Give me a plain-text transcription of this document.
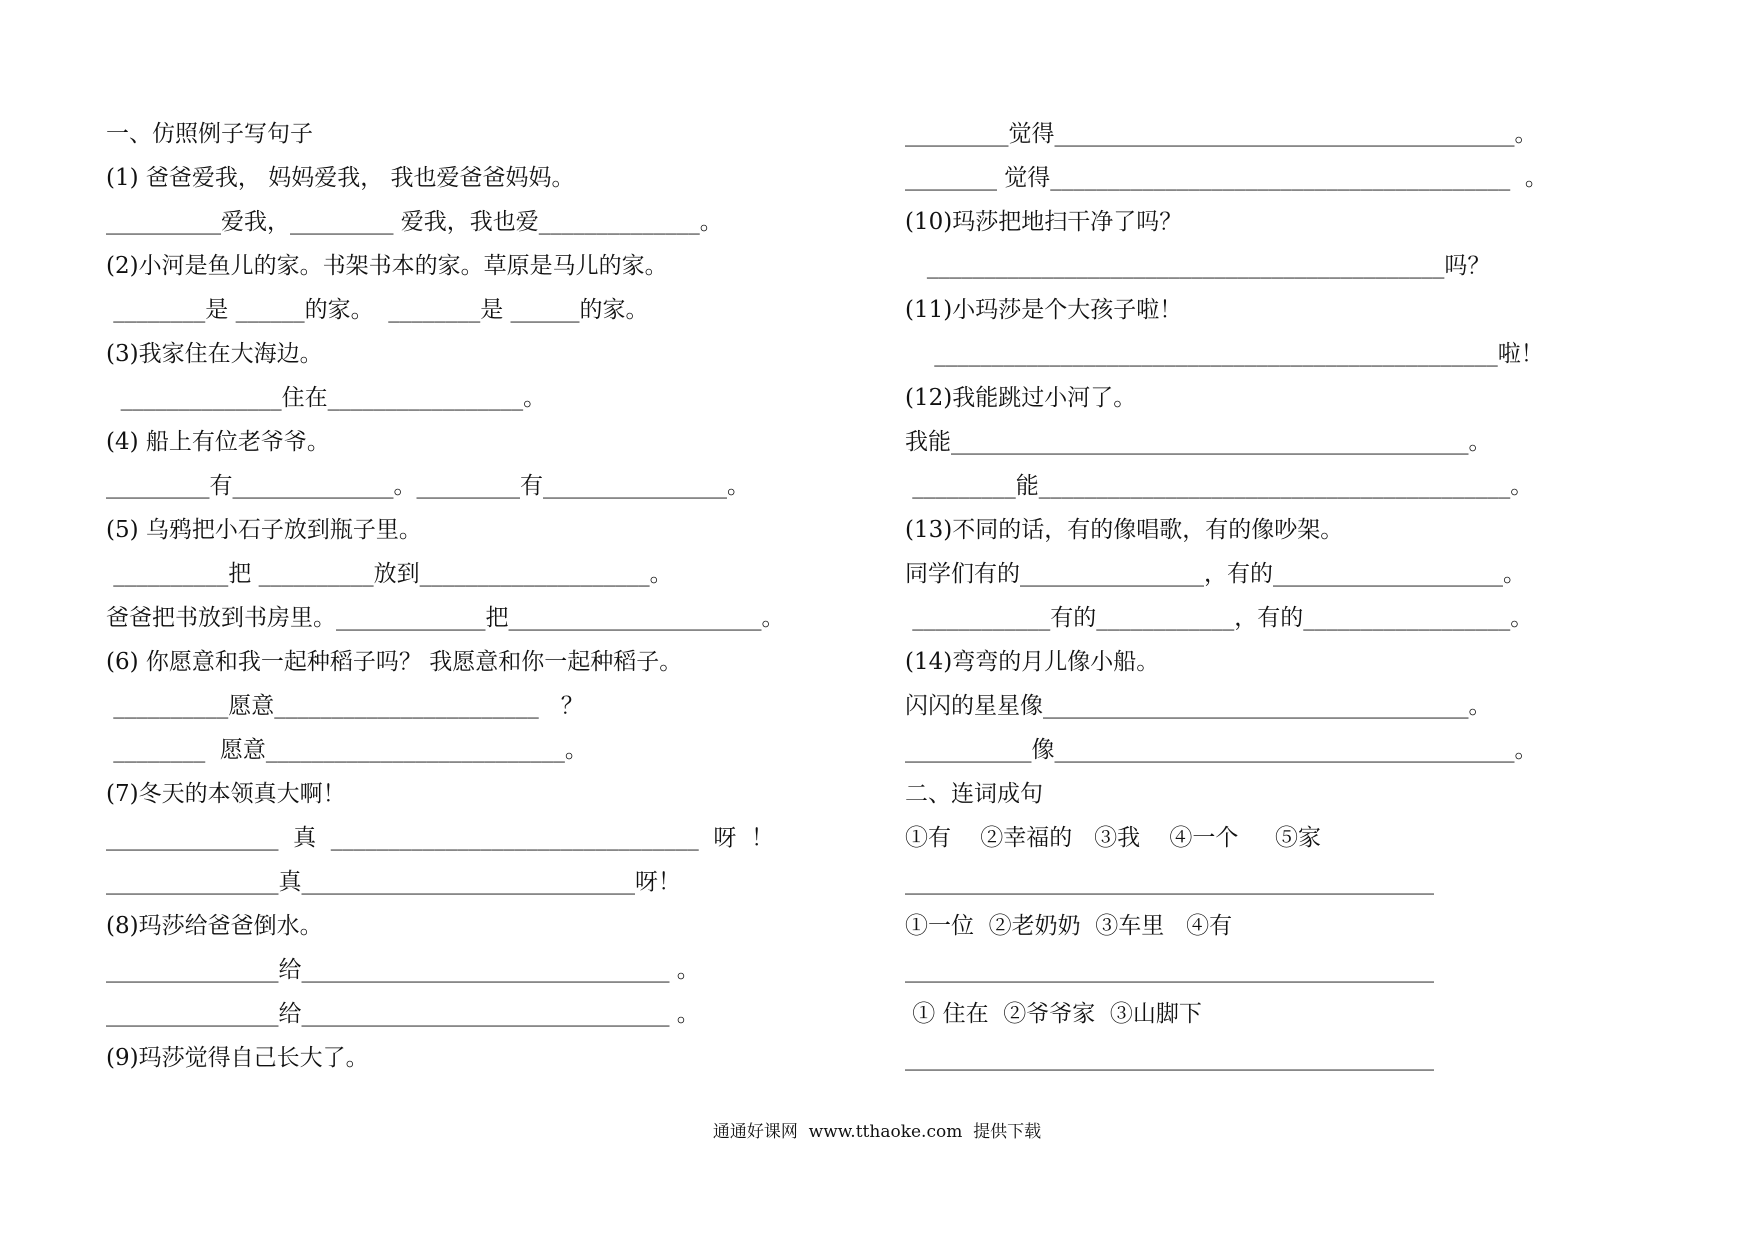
一、仿照例子写句子
(1) 爸爸爱我， 妈妈爱我， 我也爱爸爸妈妈。
__________爱我，_________ 爱我，我也爱______________。
(2)小河是鱼儿的家。书架书本的家。草原是马儿的家。
________是 ______的家。  ________是 ______的家。
(3)我家住在大海边。
______________住在_________________。
(4) 船上有位老爷爷。
_________有______________。_________有________________。
(5) 乌鸦把小石子放到瓶子里。
__________把 __________放到____________________。
爸爸把书放到书房里。_____________把______________________。
(6) 你愿意和我一起种稻子吗？ 我愿意和你一起种稻子。
__________愿意_______________________   ？
________  愿意__________________________。
(7)冬天的本领真大啊！
_______________  真  ________________________________  呀  ！
_______________真_____________________________呀！
(8)玛莎给爸爸倒水。
_______________给________________________________ 。
_______________给________________________________ 。
(9)玛莎觉得自己长大了。
_________觉得________________________________________。
________ 觉得________________________________________  。
(10)玛莎把地扫干净了吗？
_____________________________________________吗？
(11)小玛莎是个大孩子啦！
_________________________________________________啦！
(12)我能跳过小河了。
我能_____________________________________________。
_________能_________________________________________。
(13)不同的话，有的像唱歌，有的像吵架。
同学们有的________________，有的____________________。
____________有的____________，有的__________________。
(14)弯弯的月儿像小船。
闪闪的星星像_____________________________________。
___________像________________________________________。
二、连词成句
①有    ②幸福的   ③我    ④一个     ⑤家
______________________________________________
①一位  ②老奶奶  ③车里   ④有
______________________________________________
① 住在  ②爷爷家  ③山脚下
______________________________________________
通通好课网  www.tthaoke.com  提供下载
